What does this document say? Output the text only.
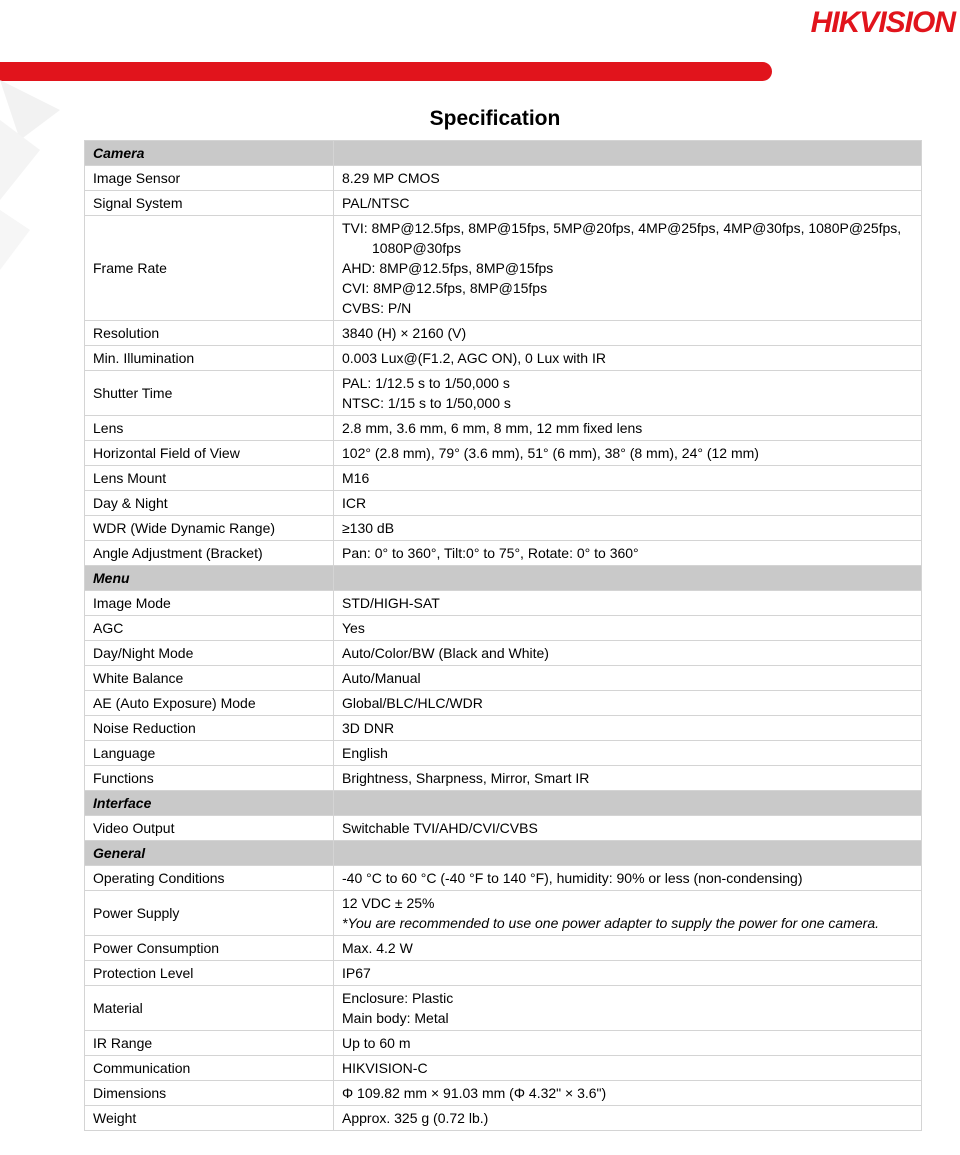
HIKVISION
Specification
Camera	
Image Sensor	8.29 MP CMOS

Signal System	PAL/NTSC

Frame Rate	TVI: 8MP@12.5fps, 8MP@15fps, 5MP@20fps, 4MP@25fps, 4MP@30fps, 1080P@25fps,
1080P@30fps
AHD: 8MP@12.5fps, 8MP@15fps
CVI: 8MP@12.5fps, 8MP@15fps
CVBS: P/N

Resolution	3840 (H) × 2160 (V)

Min. Illumination	0.003 Lux@(F1.2, AGC ON), 0 Lux with IR

Shutter Time	PAL: 1/12.5 s to 1/50,000 s
NTSC: 1/15 s to 1/50,000 s

Lens	2.8 mm, 3.6 mm, 6 mm, 8 mm, 12 mm fixed lens

Horizontal Field of View	102° (2.8 mm), 79° (3.6 mm), 51° (6 mm), 38° (8 mm), 24° (12 mm)

Lens Mount	M16

Day & Night	ICR

WDR (Wide Dynamic Range)	≥130 dB

Angle Adjustment (Bracket)	Pan: 0° to 360°, Tilt:0° to 75°, Rotate: 0° to 360°

Menu	
Image Mode	STD/HIGH-SAT

AGC	Yes

Day/Night Mode	Auto/Color/BW (Black and White)

White Balance	Auto/Manual

AE (Auto Exposure) Mode	Global/BLC/HLC/WDR

Noise Reduction	3D DNR

Language	English

Functions	Brightness, Sharpness, Mirror, Smart IR

Interface	
Video Output	Switchable TVI/AHD/CVI/CVBS

General	
Operating Conditions	-40 °C to 60 °C (-40 °F to 140 °F), humidity: 90% or less (non-condensing)

Power Supply	12 VDC ± 25%
*You are recommended to use one power adapter to supply the power for one camera.

Power Consumption	Max. 4.2 W

Protection Level	IP67

Material	Enclosure: Plastic
Main body: Metal

IR Range	Up to 60 m

Communication	HIKVISION-C

Dimensions	Φ 109.82 mm × 91.03 mm (Φ 4.32" × 3.6")

Weight	Approx. 325 g (0.72 lb.)
